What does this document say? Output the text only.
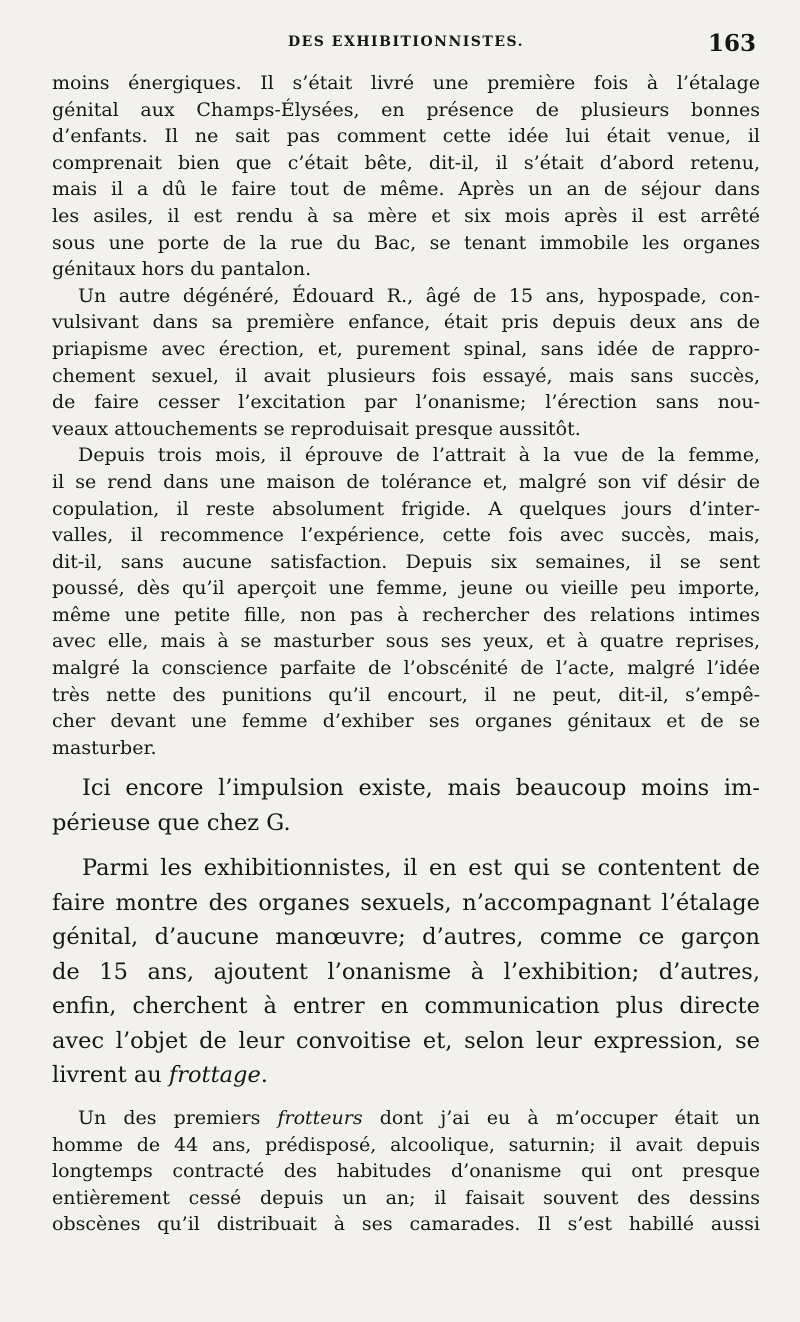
DES EXHIBITIONNISTES.	163
moins énergiques. Il s’était livré une première fois à l’étalage
génital aux Champs-Élysées, en présence de plusieurs bonnes
d’enfants. Il ne sait pas comment cette idée lui était venue, il
comprenait bien que c’était bête, dit-il, il s’était d’abord retenu,
mais il a dû le faire tout de même. Après un an de séjour dans
les asiles, il est rendu à sa mère et six mois après il est arrêté
sous une porte de la rue du Bac, se tenant immobile les organes
génitaux hors du pantalon.
Un autre dégénéré, Édouard R., âgé de 15 ans, hypospade, con-
vulsivant dans sa première enfance, était pris depuis deux ans de
priapisme avec érection, et, purement spinal, sans idée de rappro-
chement sexuel, il avait plusieurs fois essayé, mais sans succès,
de faire cesser l’excitation par l’onanisme; l’érection sans nou-
veaux attouchements se reproduisait presque aussitôt.
Depuis trois mois, il éprouve de l’attrait à la vue de la femme,
il se rend dans une maison de tolérance et, malgré son vif désir de
copulation, il reste absolument frigide. A quelques jours d’inter-
valles, il recommence l’expérience, cette fois avec succès, mais,
dit-il, sans aucune satisfaction. Depuis six semaines, il se sent
poussé, dès qu’il aperçoit une femme, jeune ou vieille peu importe,
même une petite fille, non pas à rechercher des relations intimes
avec elle, mais à se masturber sous ses yeux, et à quatre reprises,
malgré la conscience parfaite de l’obscénité de l’acte, malgré l’idée
très nette des punitions qu’il encourt, il ne peut, dit-il, s’empê-
cher devant une femme d’exhiber ses organes génitaux et de se
masturber.
Ici encore l’impulsion existe, mais beaucoup moins im-
périeuse que chez G.
Parmi les exhibitionnistes, il en est qui se contentent de
faire montre des organes sexuels, n’accompagnant l’étalage
génital, d’aucune manœuvre; d’autres, comme ce garçon
de 15 ans, ajoutent l’onanisme à l’exhibition; d’autres,
enfin, cherchent à entrer en communication plus directe
avec l’objet de leur convoitise et, selon leur expression, se
livrent au frottage.
Un des premiers frotteurs dont j’ai eu à m’occuper était un
homme de 44 ans, prédisposé, alcoolique, saturnin; il avait depuis
longtemps contracté des habitudes d’onanisme qui ont presque
entièrement cessé depuis un an; il faisait souvent des dessins
obscènes qu’il distribuait à ses camarades. Il s’est habillé aussi
